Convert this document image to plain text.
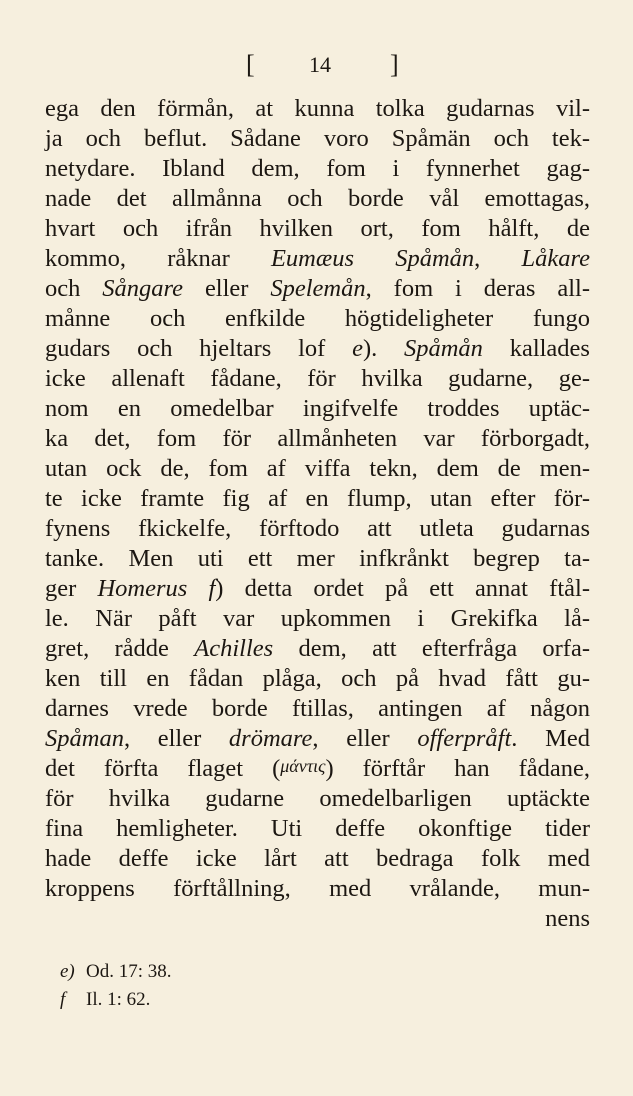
[ 14 ]
ega den förmån, at kunna tolka gudarnas vil-
ja och beflut. Sådane voro Spåmän och tek-
netydare. Ibland dem, fom i fynnerhet gag-
nade det allmånna och borde vål emottagas,
hvart och ifrån hvilken ort, fom hålft, de
kommo, råknar Eumæus Spåmån, Låkare
och Sångare eller Spelemån, fom i deras all-
månne och enfkilde högtideligheter fungo
gudars och hjeltars lof e). Spåmån kallades
icke allenaft fådane, för hvilka gudarne, ge-
nom en omedelbar ingifvelfe troddes uptäc-
ka det, fom för allmånheten var förborgadt,
utan ock de, fom af viffa tekn, dem de men-
te icke framte fig af en flump, utan efter för-
fynens fkickelfe, förftodo att utleta gudarnas
tanke. Men uti ett mer infkrånkt begrep ta-
ger Homerus f) detta ordet på ett annat ftål-
le. När påft var upkommen i Grekifka lå-
gret, rådde Achilles dem, att efterfråga orfa-
ken till en fådan plåga, och på hvad fått gu-
darnes vrede borde ftillas, antingen af någon
Spåman, eller drömare, eller offerpråft. Med
det förfta flaget (μάντις) förftår han fådane,
för hvilka gudarne omedelbarligen uptäckte
fina hemligheter. Uti deffe okonftige tider
hade deffe icke lårt att bedraga folk med
kroppens förftållning, med vrålande, mun-
nens
e) Od. 17: 38.
f Il. 1: 62.
